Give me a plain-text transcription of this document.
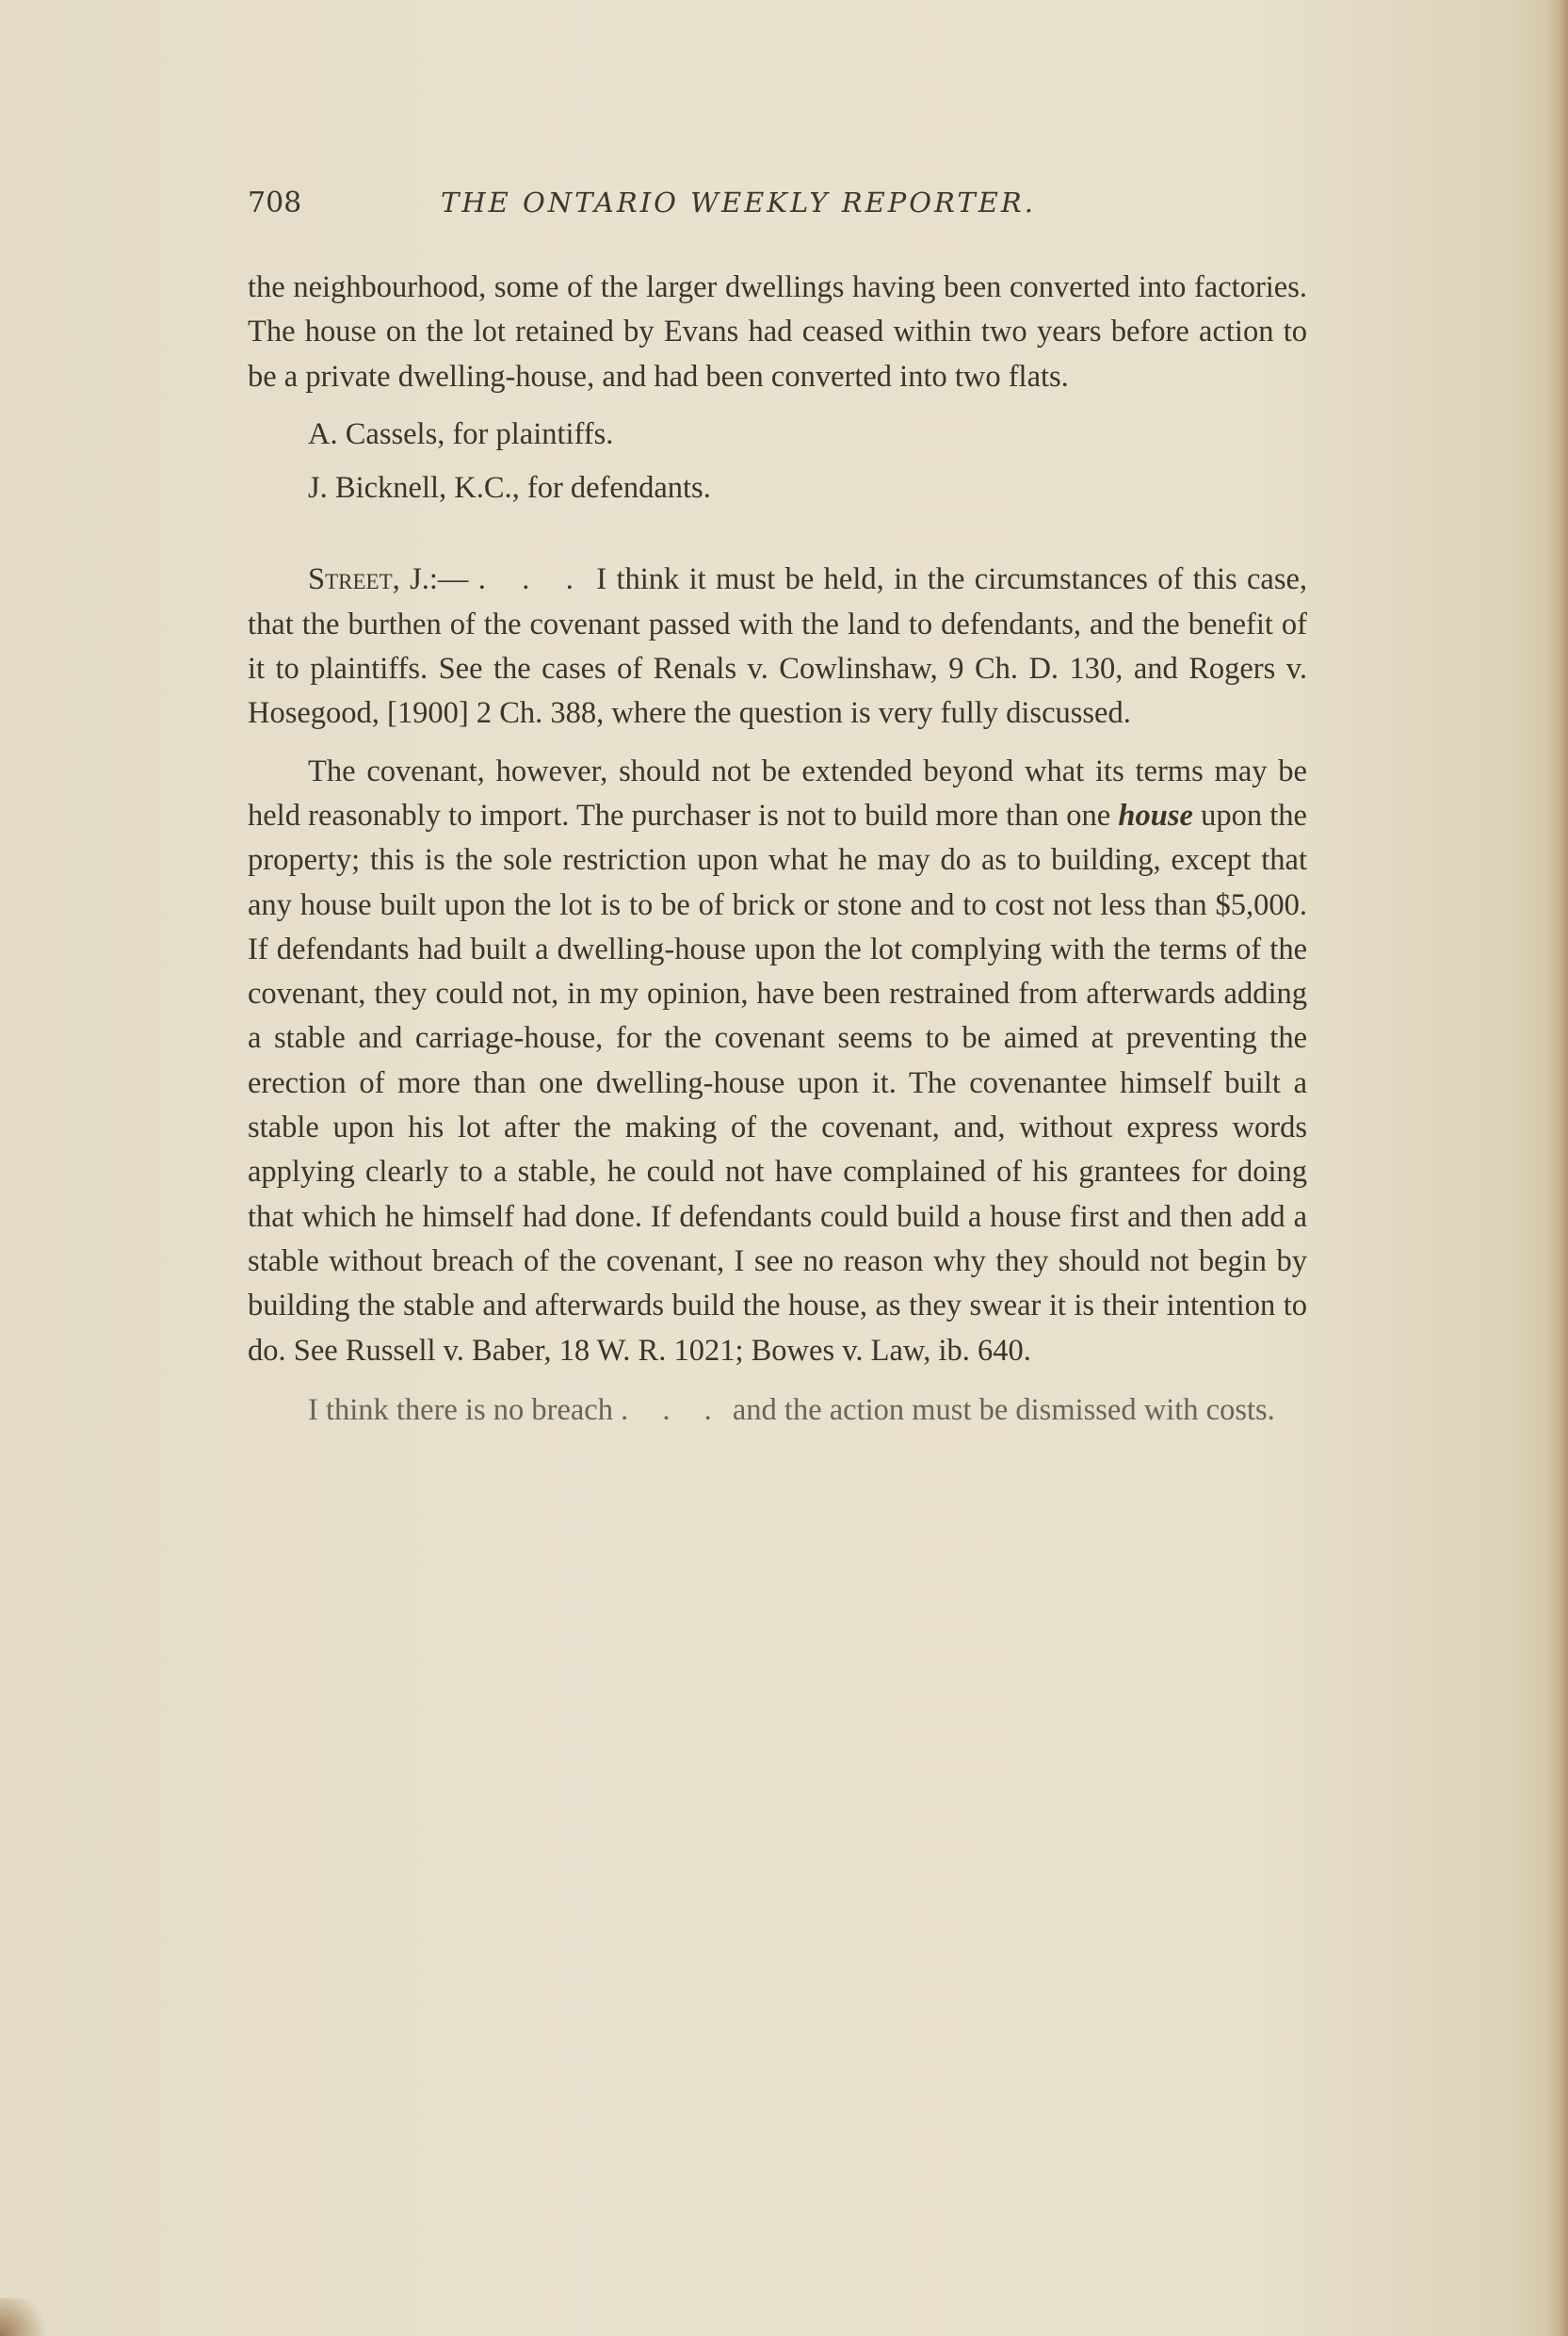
708	THE ONTARIO WEEKLY REPORTER.

the neighbourhood, some of the larger dwellings having been converted into factories. The house on the lot retained by Evans had ceased within two years before action to be a private dwelling-house, and had been converted into two flats.

A. Cassels, for plaintiffs.

J. Bicknell, K.C., for defendants.

Street, J.:— . . . I think it must be held, in the circumstances of this case, that the burthen of the covenant passed with the land to defendants, and the benefit of it to plaintiffs. See the cases of Renals v. Cowlinshaw, 9 Ch. D. 130, and Rogers v. Hosegood, [1900] 2 Ch. 388, where the question is very fully discussed.

The covenant, however, should not be extended beyond what its terms may be held reasonably to import. The purchaser is not to build more than one house upon the property; this is the sole restriction upon what he may do as to building, except that any house built upon the lot is to be of brick or stone and to cost not less than $5,000. If defendants had built a dwelling-house upon the lot complying with the terms of the covenant, they could not, in my opinion, have been restrained from afterwards adding a stable and carriage-house, for the covenant seems to be aimed at preventing the erection of more than one dwelling-house upon it. The covenantee himself built a stable upon his lot after the making of the covenant, and, without express words applying clearly to a stable, he could not have complained of his grantees for doing that which he himself had done. If defendants could build a house first and then add a stable without breach of the covenant, I see no reason why they should not begin by building the stable and afterwards build the house, as they swear it is their intention to do. See Russell v. Baber, 18 W. R. 1021; Bowes v. Law, ib. 640.

I think there is no breach . . . and the action must be dismissed with costs.
